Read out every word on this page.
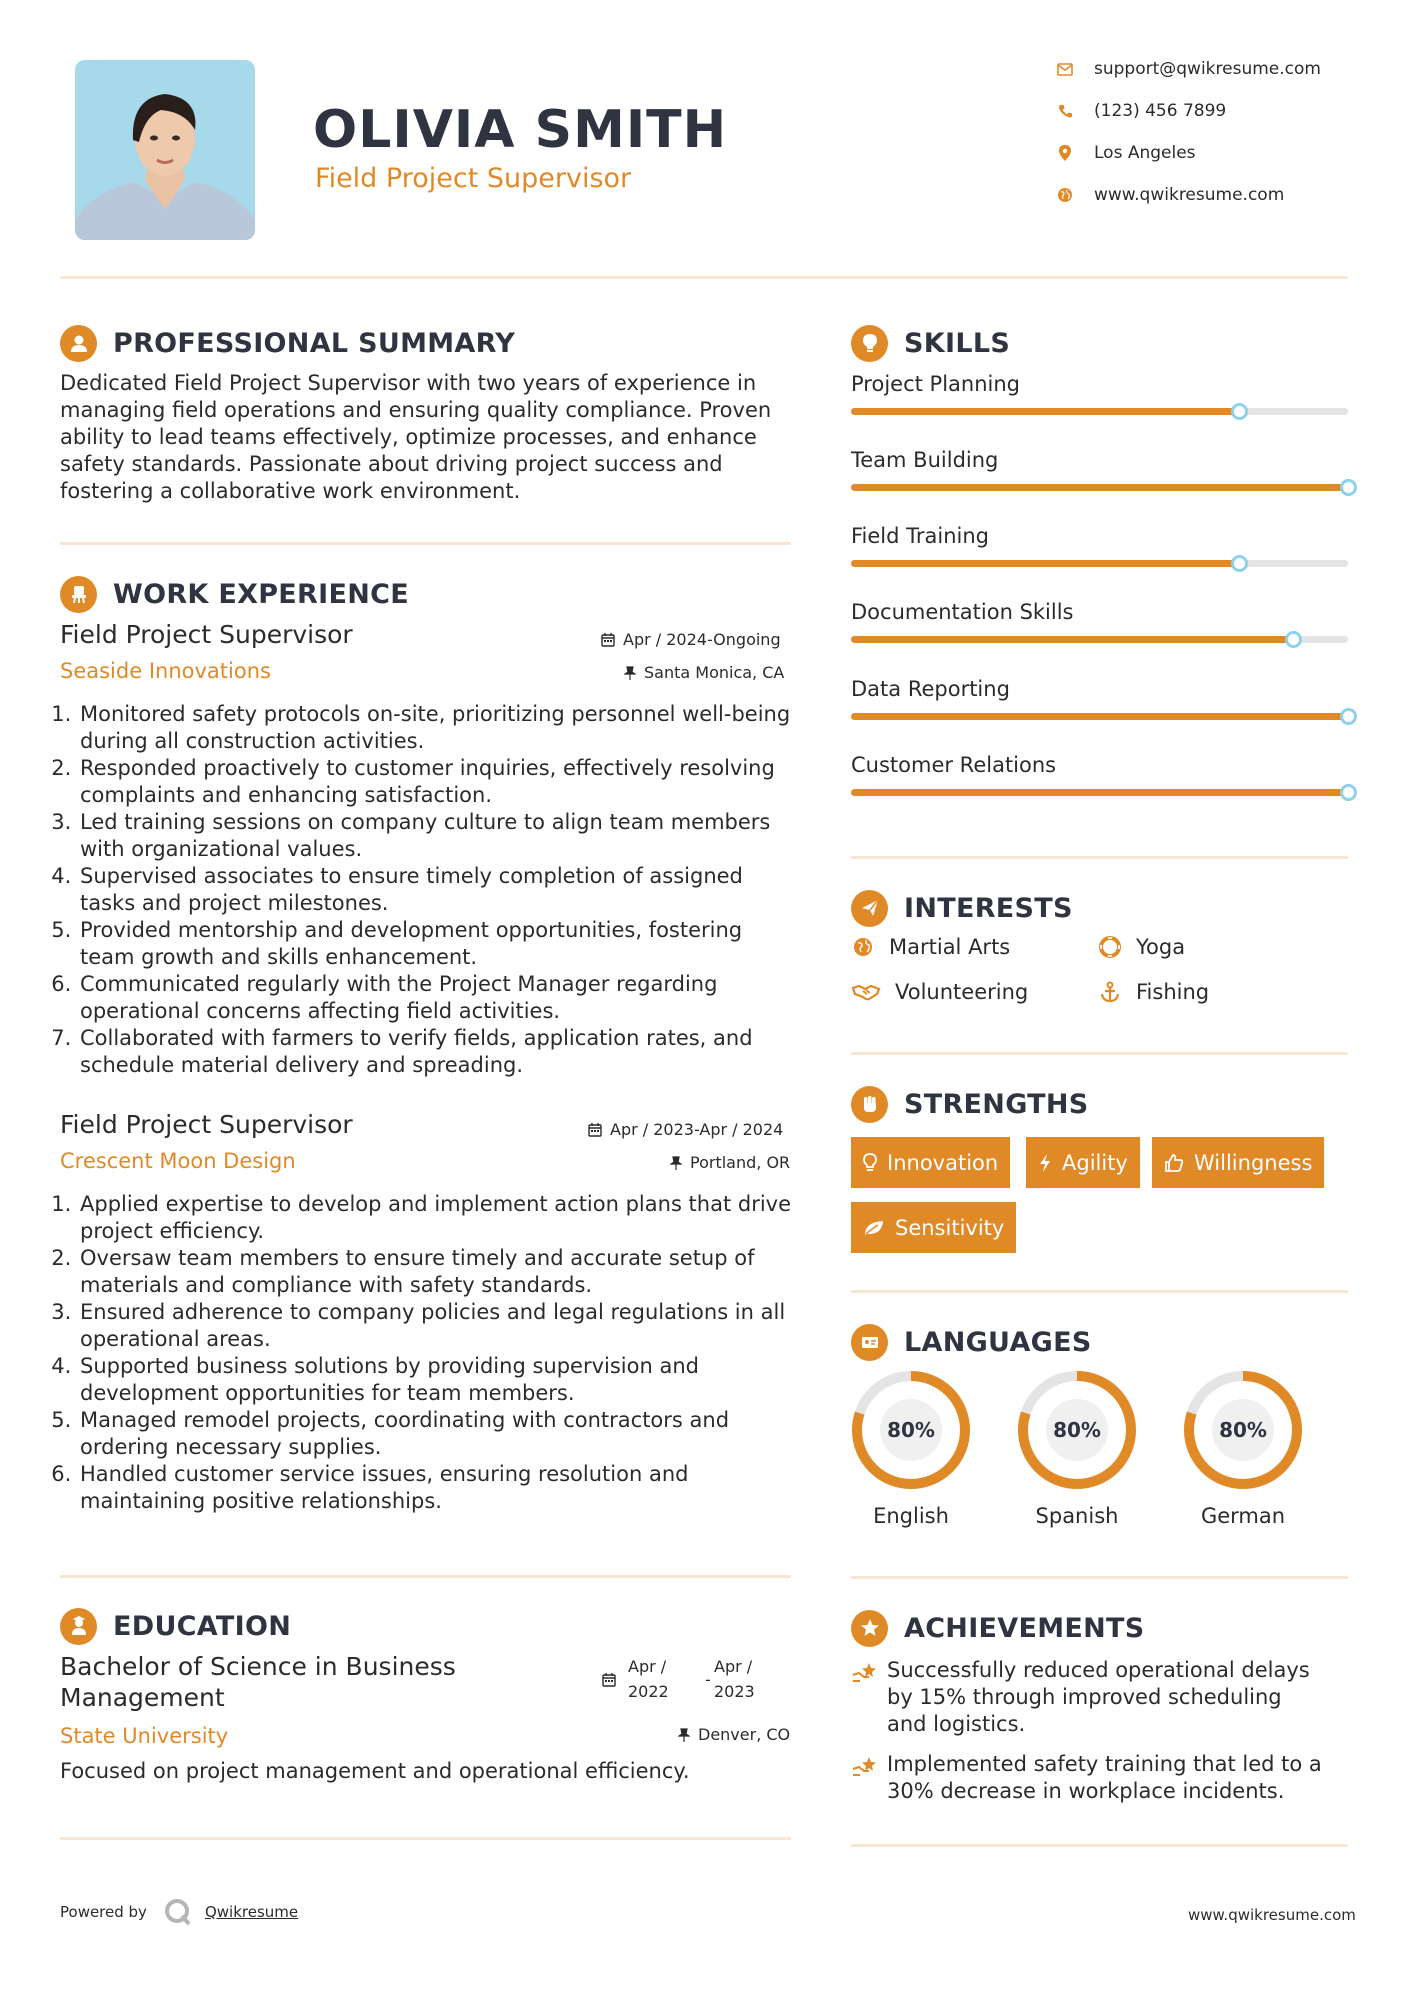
OLIVIA SMITH
Field Project Supervisor
support@qwikresume.com
(123) 456 7899
Los Angeles
www.qwikresume.com
PROFESSIONAL SUMMARY
Dedicated Field Project Supervisor with two years of experience in managing field operations and ensuring quality compliance. Proven ability to lead teams effectively, optimize processes, and enhance safety standards. Passionate about driving project success and fostering a collaborative work environment.
WORK EXPERIENCE
Field Project Supervisor
Seaside Innovations
Apr / 2024-Ongoing
Santa Monica, CA
1. Monitored safety protocols on-site, prioritizing personnel well-being during all construction activities.
2. Responded proactively to customer inquiries, effectively resolving complaints and enhancing satisfaction.
3. Led training sessions on company culture to align team members with organizational values.
4. Supervised associates to ensure timely completion of assigned tasks and project milestones.
5. Provided mentorship and development opportunities, fostering team growth and skills enhancement.
6. Communicated regularly with the Project Manager regarding operational concerns affecting field activities.
7. Collaborated with farmers to verify fields, application rates, and schedule material delivery and spreading.
Field Project Supervisor
Crescent Moon Design
Apr / 2023-Apr / 2024
Portland, OR
1. Applied expertise to develop and implement action plans that drive project efficiency.
2. Oversaw team members to ensure timely and accurate setup of materials and compliance with safety standards.
3. Ensured adherence to company policies and legal regulations in all operational areas.
4. Supported business solutions by providing supervision and development opportunities for team members.
5. Managed remodel projects, coordinating with contractors and ordering necessary supplies.
6. Handled customer service issues, ensuring resolution and maintaining positive relationships.
EDUCATION
Bachelor of Science in Business
Management
State University
Apr /
2022
-
Apr /
2023
Denver, CO
Focused on project management and operational efficiency.
SKILLS
Project Planning
Team Building
Field Training
Documentation Skills
Data Reporting
Customer Relations
INTERESTS
Martial Arts	Yoga
Volunteering	Fishing
STRENGTHS
Innovation	Agility	Willingness
Sensitivity
LANGUAGES
80%
English
80%
Spanish
80%
German
ACHIEVEMENTS
Successfully reduced operational delays by 15% through improved scheduling and logistics.
Implemented safety training that led to a 30% decrease in workplace incidents.
Powered by	Qwikresume	www.qwikresume.com
